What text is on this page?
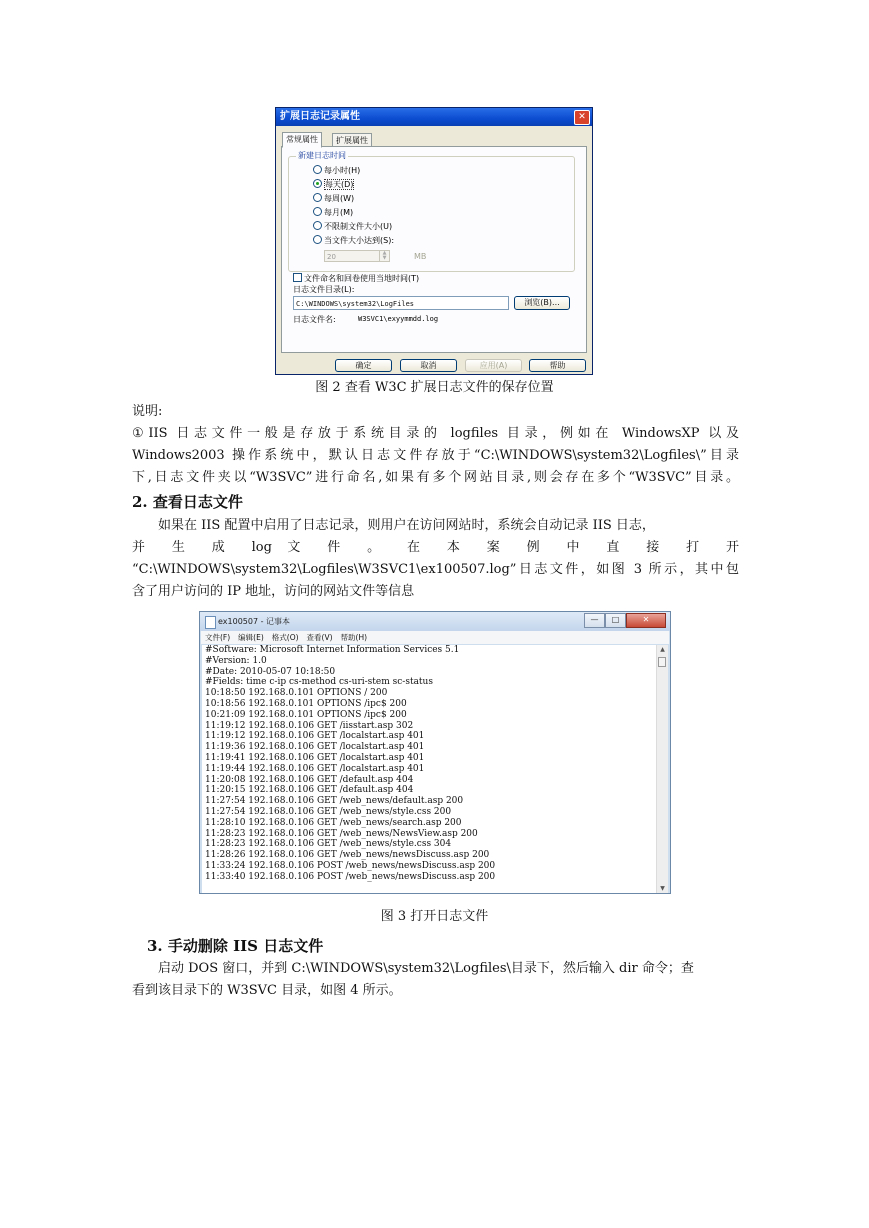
扩展日志记录属性	✕
常规属性	扩展属性
新建日志时间
每小时(H)
每天(D)
每周(W)
每月(M)
不限制文件大小(U)
当文件大小达到(S):
20	▲
▼	MB
文件命名和回卷使用当地时间(T)
日志文件目录(L):
C:\WINDOWS\system32\LogFiles	浏览(B)...
日志文件名:	W3SVC1\exyymmdd.log
确定	取消	应用(A)	帮助
图 2 查看 W3C 扩展日志文件的保存位置
说明:
①IIS 日志文件一般是存放于系统目录的 logfiles 目录，例如在 WindowsXP 以及
Windows2003 操作系统中，默认日志文件存放于“C:\WINDOWS\system32\Logfiles\”目录
下,日志文件夹以“W3SVC”进行命名,如果有多个网站目录,则会存在多个“W3SVC”目录。
2. 查看日志文件
如果在 IIS 配置中启用了日志记录，则用户在访问网站时，系统会自动记录 IIS 日志，
并 生 成 log 文 件 。 在 本 案 例 中 直 接 打 开
“C:\WINDOWS\system32\Logfiles\W3SVC1\ex100507.log”日志文件，如图 3 所示，其中包
含了用户访问的 IP 地址，访问的网站文件等信息
ex100507 - 记事本	—	□	✕
文件(F)	编辑(E)	格式(O)	查看(V)	帮助(H)
#Software: Microsoft Internet Information Services 5.1
#Version: 1.0
#Date: 2010-05-07 10:18:50
#Fields: time c-ip cs-method cs-uri-stem sc-status
10:18:50 192.168.0.101 OPTIONS / 200
10:18:56 192.168.0.101 OPTIONS /ipc$ 200
10:21:09 192.168.0.101 OPTIONS /ipc$ 200
11:19:12 192.168.0.106 GET /iisstart.asp 302
11:19:12 192.168.0.106 GET /localstart.asp 401
11:19:36 192.168.0.106 GET /localstart.asp 401
11:19:41 192.168.0.106 GET /localstart.asp 401
11:19:44 192.168.0.106 GET /localstart.asp 401
11:20:08 192.168.0.106 GET /default.asp 404
11:20:15 192.168.0.106 GET /default.asp 404
11:27:54 192.168.0.106 GET /web_news/default.asp 200
11:27:54 192.168.0.106 GET /web_news/style.css 200
11:28:10 192.168.0.106 GET /web_news/search.asp 200
11:28:23 192.168.0.106 GET /web_news/NewsView.asp 200
11:28:23 192.168.0.106 GET /web_news/style.css 304
11:28:26 192.168.0.106 GET /web_news/newsDiscuss.asp 200
11:33:24 192.168.0.106 POST /web_news/newsDiscuss.asp 200
11:33:40 192.168.0.106 POST /web_news/newsDiscuss.asp 200
▲
▼
图 3 打开日志文件
3. 手动删除 IIS 日志文件
启动 DOS 窗口，并到 C:\WINDOWS\system32\Logfiles\目录下，然后输入 dir 命令；查
看到该目录下的 W3SVC 目录，如图 4 所示。
